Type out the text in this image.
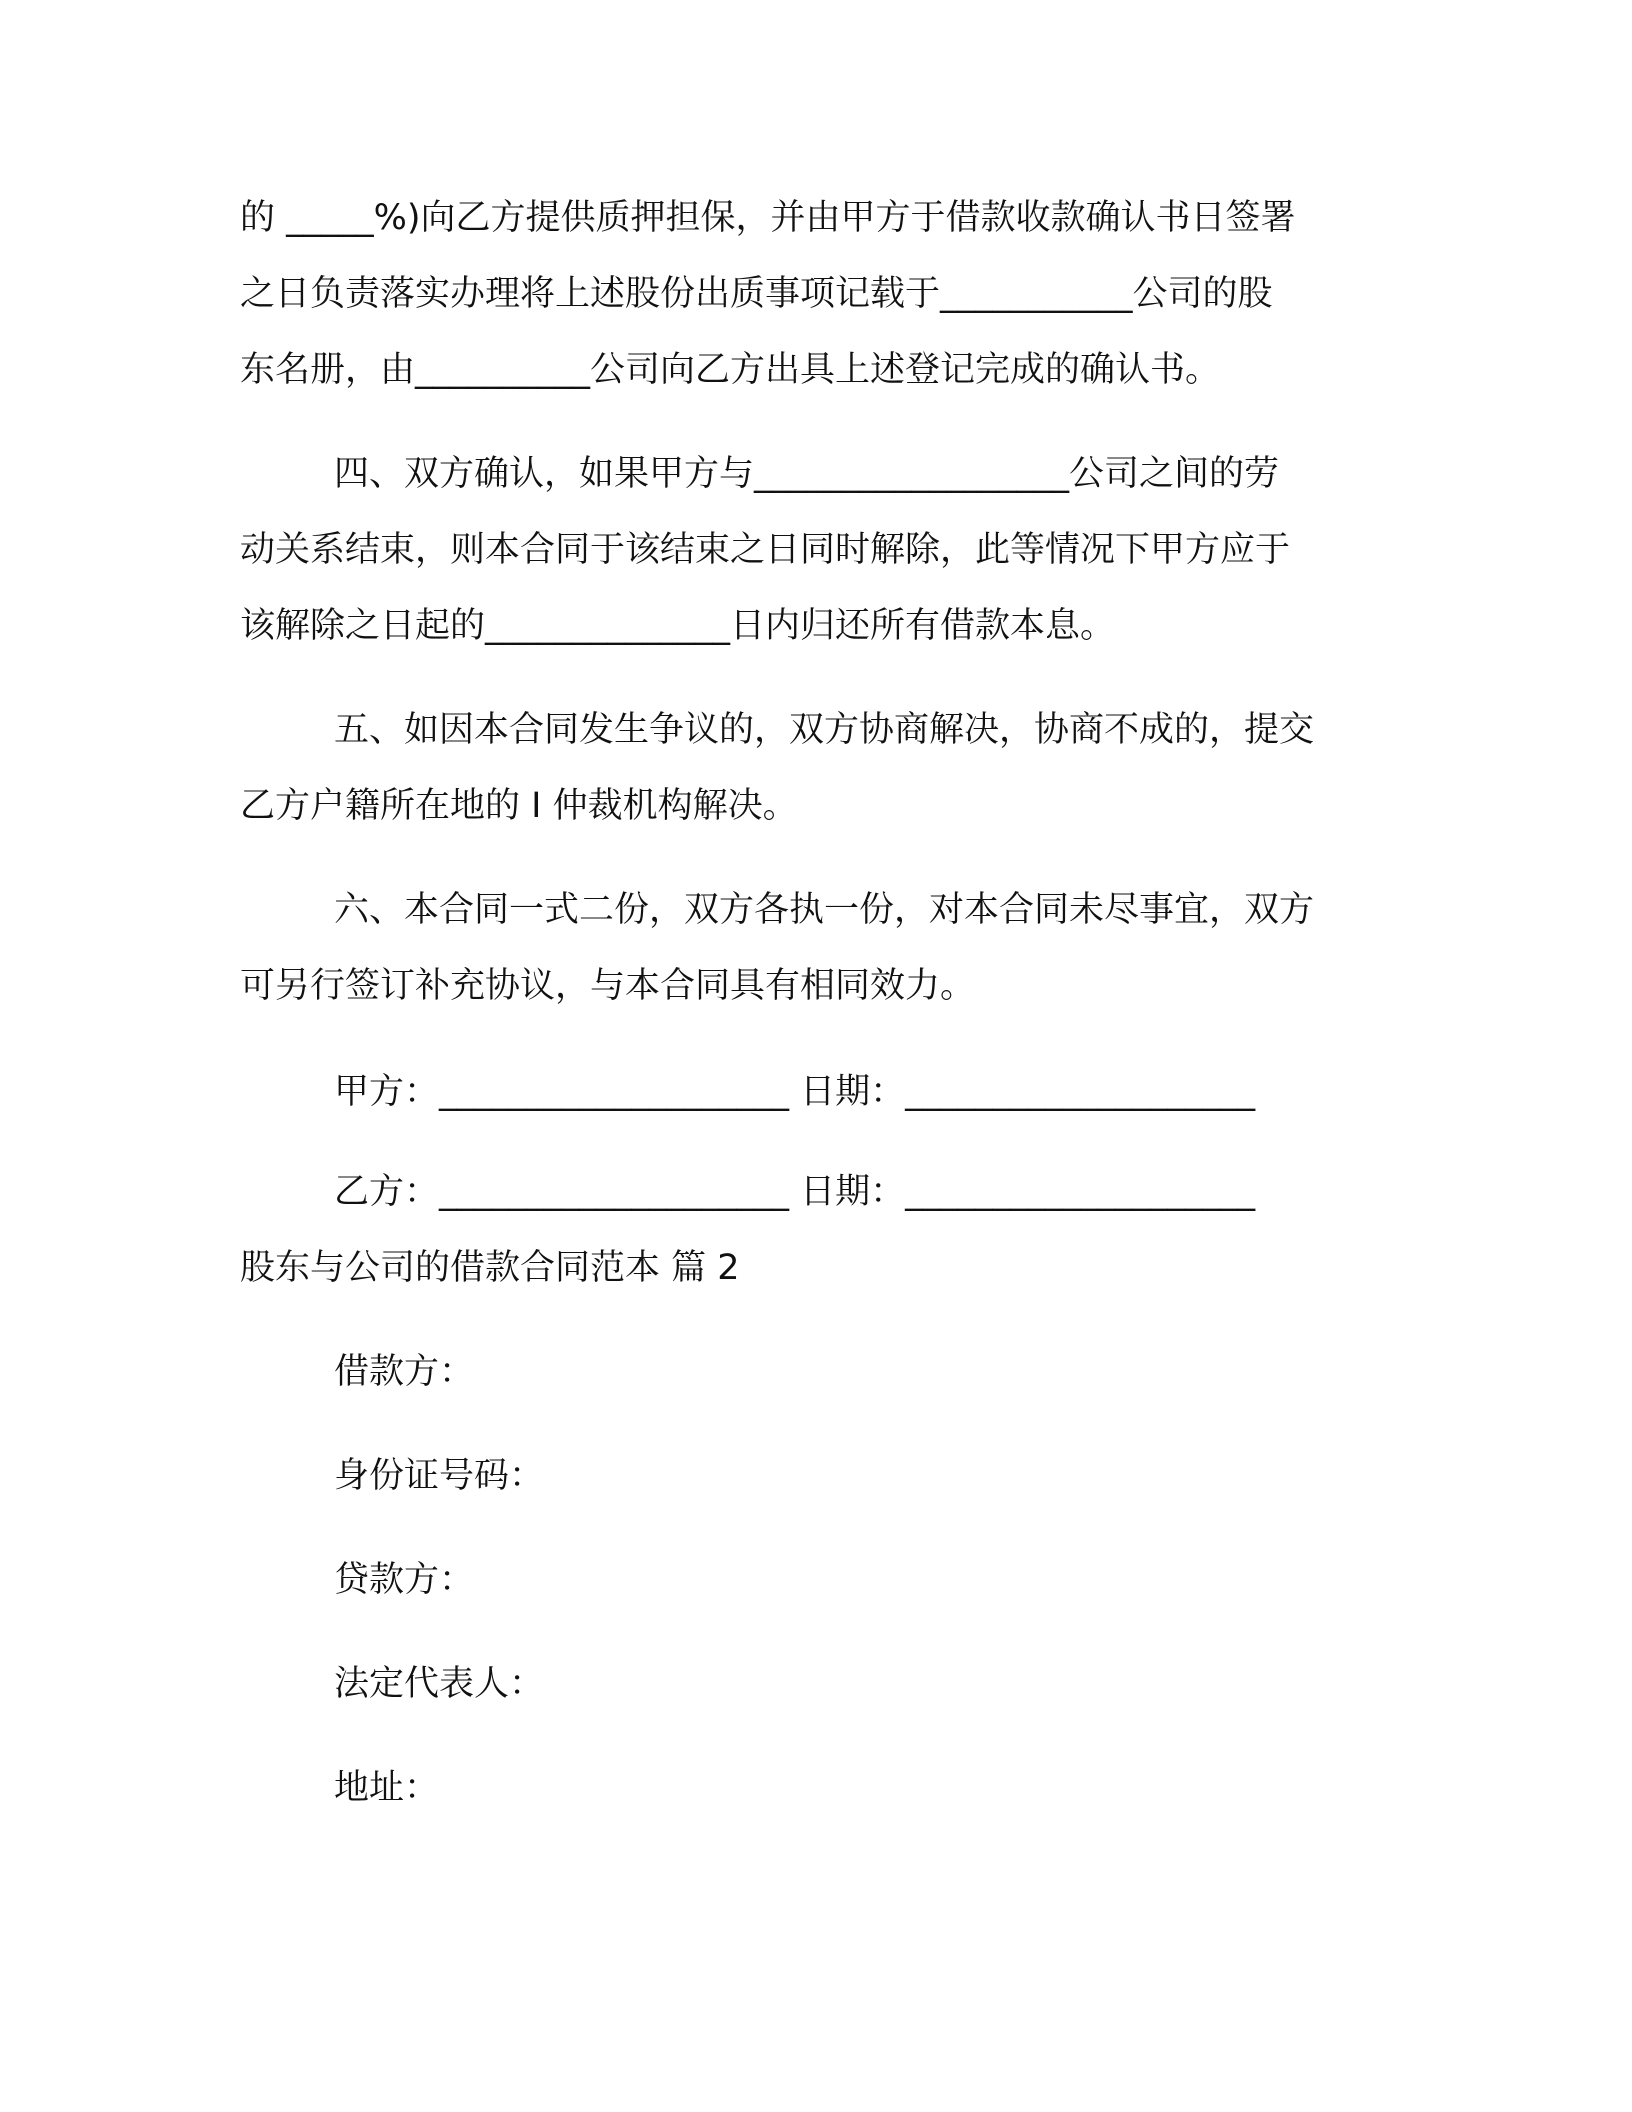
的 _____%)向乙方提供质押担保，并由甲方于借款收款确认书日签署
之日负责落实办理将上述股份出质事项记载于___________公司的股
东名册，由__________公司向乙方出具上述登记完成的确认书。
四、双方确认，如果甲方与__________________公司之间的劳
动关系结束，则本合同于该结束之日同时解除，此等情况下甲方应于
该解除之日起的______________日内归还所有借款本息。
五、如因本合同发生争议的，双方协商解决，协商不成的，提交
乙方户籍所在地的 I 仲裁机构解决。
六、本合同一式二份，双方各执一份，对本合同未尽事宜，双方
可另行签订补充协议，与本合同具有相同效力。
甲方：____________________ 日期：____________________
乙方：____________________ 日期：____________________
股东与公司的借款合同范本 篇 2
借款方：
身份证号码：
贷款方：
法定代表人：
地址：
